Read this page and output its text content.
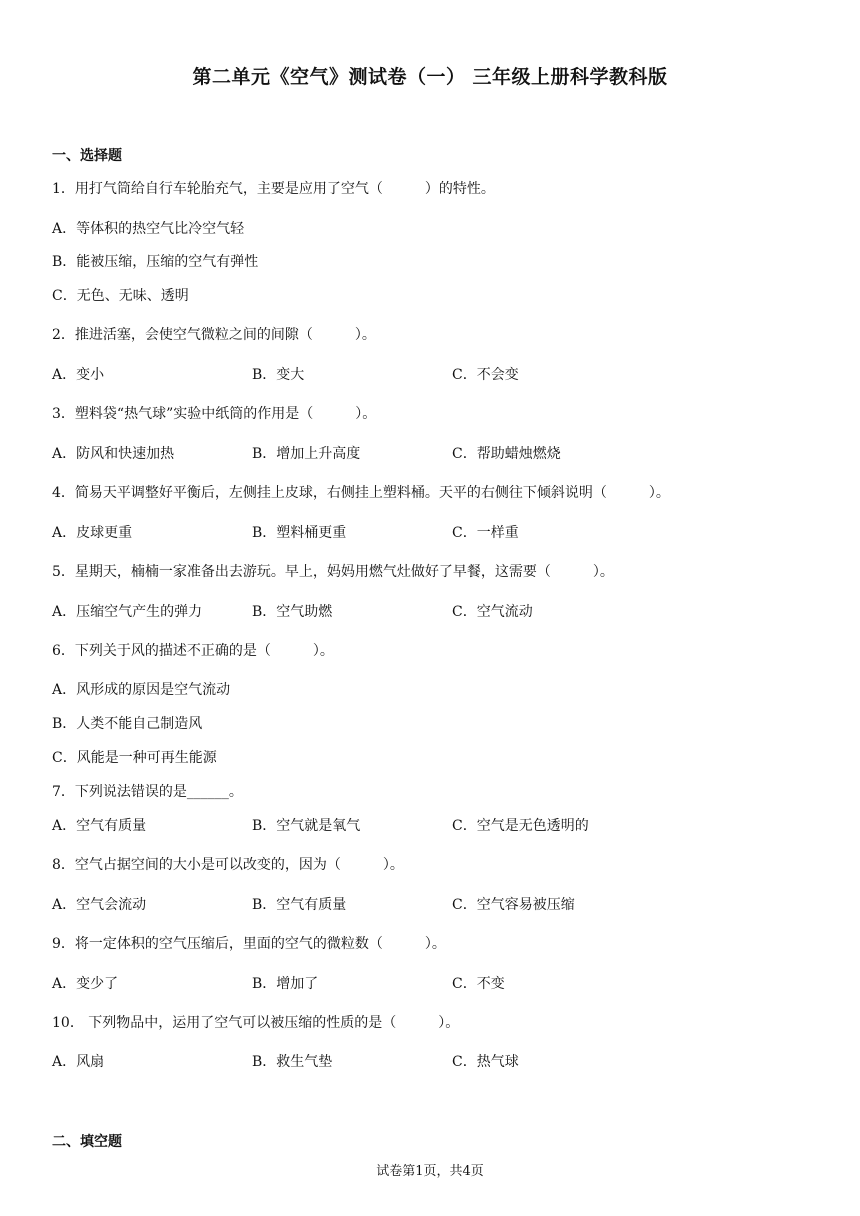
第二单元《空气》测试卷（一） 三年级上册科学教科版
一、选择题
1．用打气筒给自行车轮胎充气，主要是应用了空气（　　　）的特性。
A．等体积的热空气比冷空气轻
B．能被压缩，压缩的空气有弹性
C．无色、无味、透明
2．推进活塞，会使空气微粒之间的间隙（　　　）。
A．变小	B．变大	C．不会变
3．塑料袋“热气球”实验中纸筒的作用是（　　　）。
A．防风和快速加热	B．增加上升高度	C．帮助蜡烛燃烧
4．简易天平调整好平衡后，左侧挂上皮球，右侧挂上塑料桶。天平的右侧往下倾斜说明（　　　）。
A．皮球更重	B．塑料桶更重	C．一样重
5．星期天，楠楠一家准备出去游玩。早上，妈妈用燃气灶做好了早餐，这需要（　　　）。
A．压缩空气产生的弹力	B．空气助燃	C．空气流动
6．下列关于风的描述不正确的是（　　　）。
A．风形成的原因是空气流动
B．人类不能自己制造风
C．风能是一种可再生能源
7．下列说法错误的是______。
A．空气有质量	B．空气就是氧气	C．空气是无色透明的
8．空气占据空间的大小是可以改变的，因为（　　　）。
A．空气会流动	B．空气有质量	C．空气容易被压缩
9．将一定体积的空气压缩后，里面的空气的微粒数（　　　）。
A．变少了	B．增加了	C．不变
10． 下列物品中，运用了空气可以被压缩的性质的是（　　　）。
A．风扇	B．救生气垫	C．热气球
二、填空题
试卷第1页，共4页
